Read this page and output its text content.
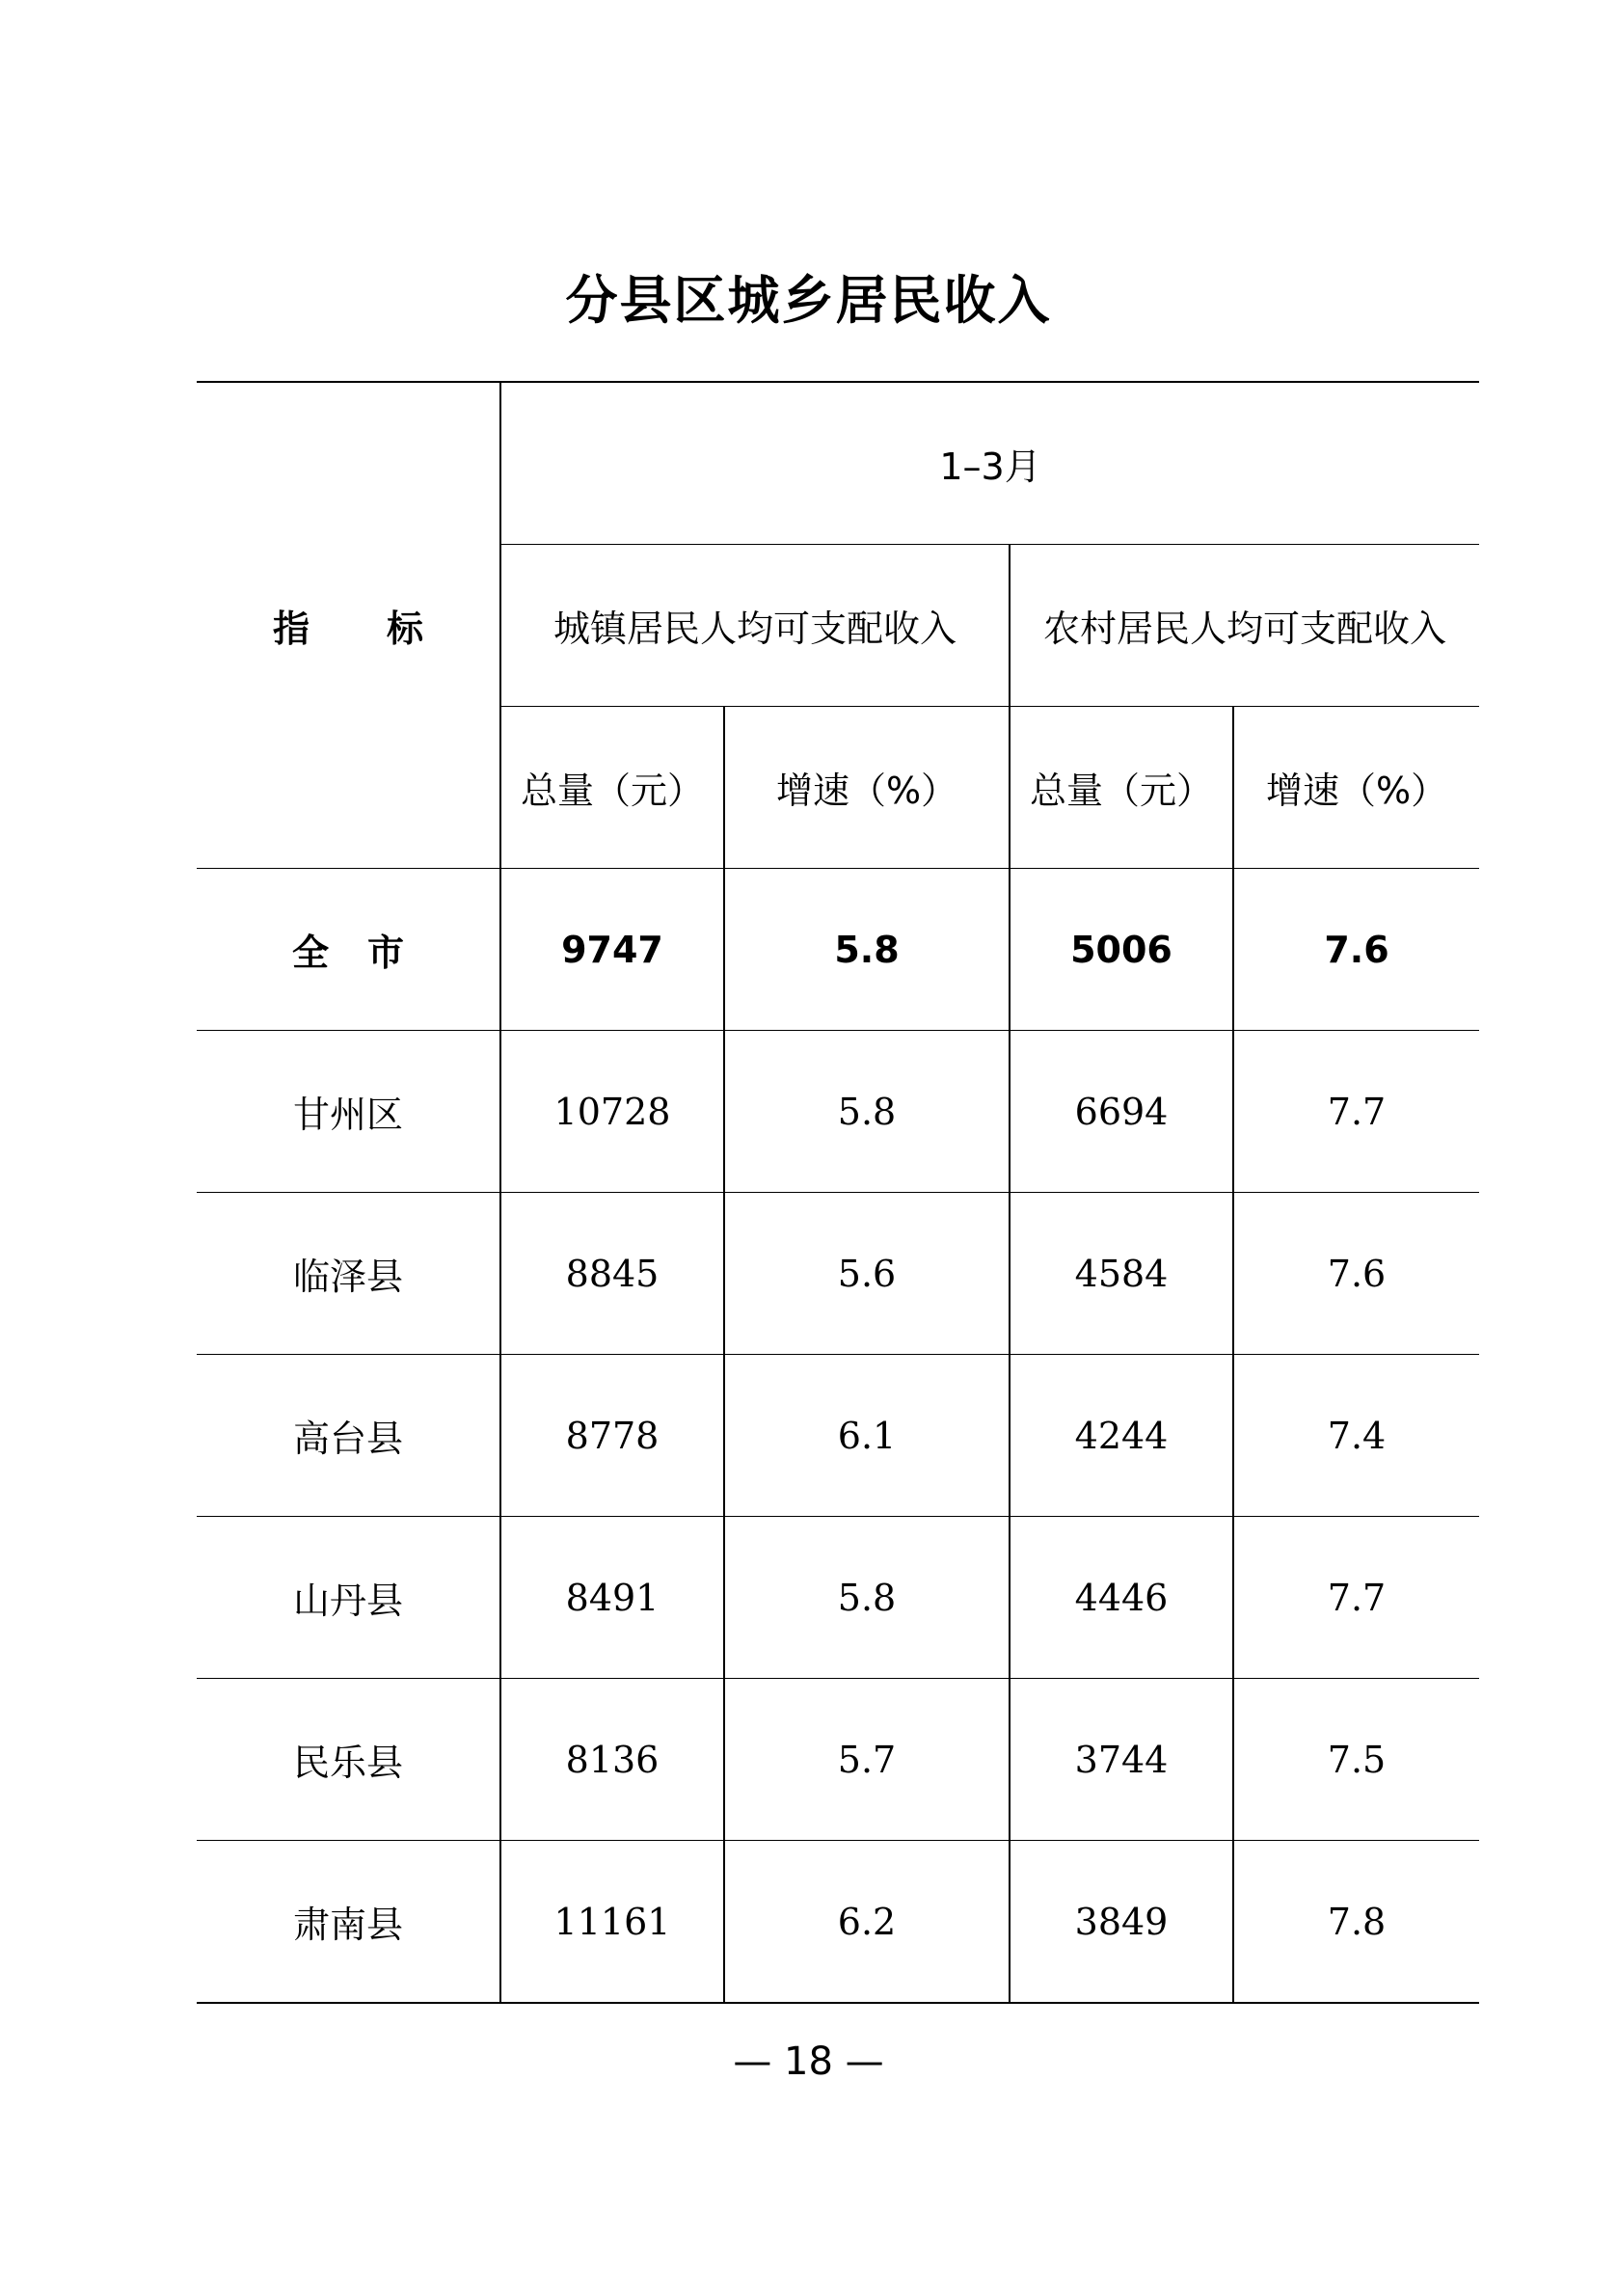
分县区城乡居民收入
指 标	1–3月			
	城镇居民人均可支配收入		农村居民人均可支配收入	
	总量（元）	增速（%）	总量（元）	增速（%）
全 市	9747	5.8	5006	7.6
甘州区	10728	5.8	6694	7.7
临泽县	8845	5.6	4584	7.6
高台县	8778	6.1	4244	7.4
山丹县	8491	5.8	4446	7.7
民乐县	8136	5.7	3744	7.5
肃南县	11161	6.2	3849	7.8
— 18 —
